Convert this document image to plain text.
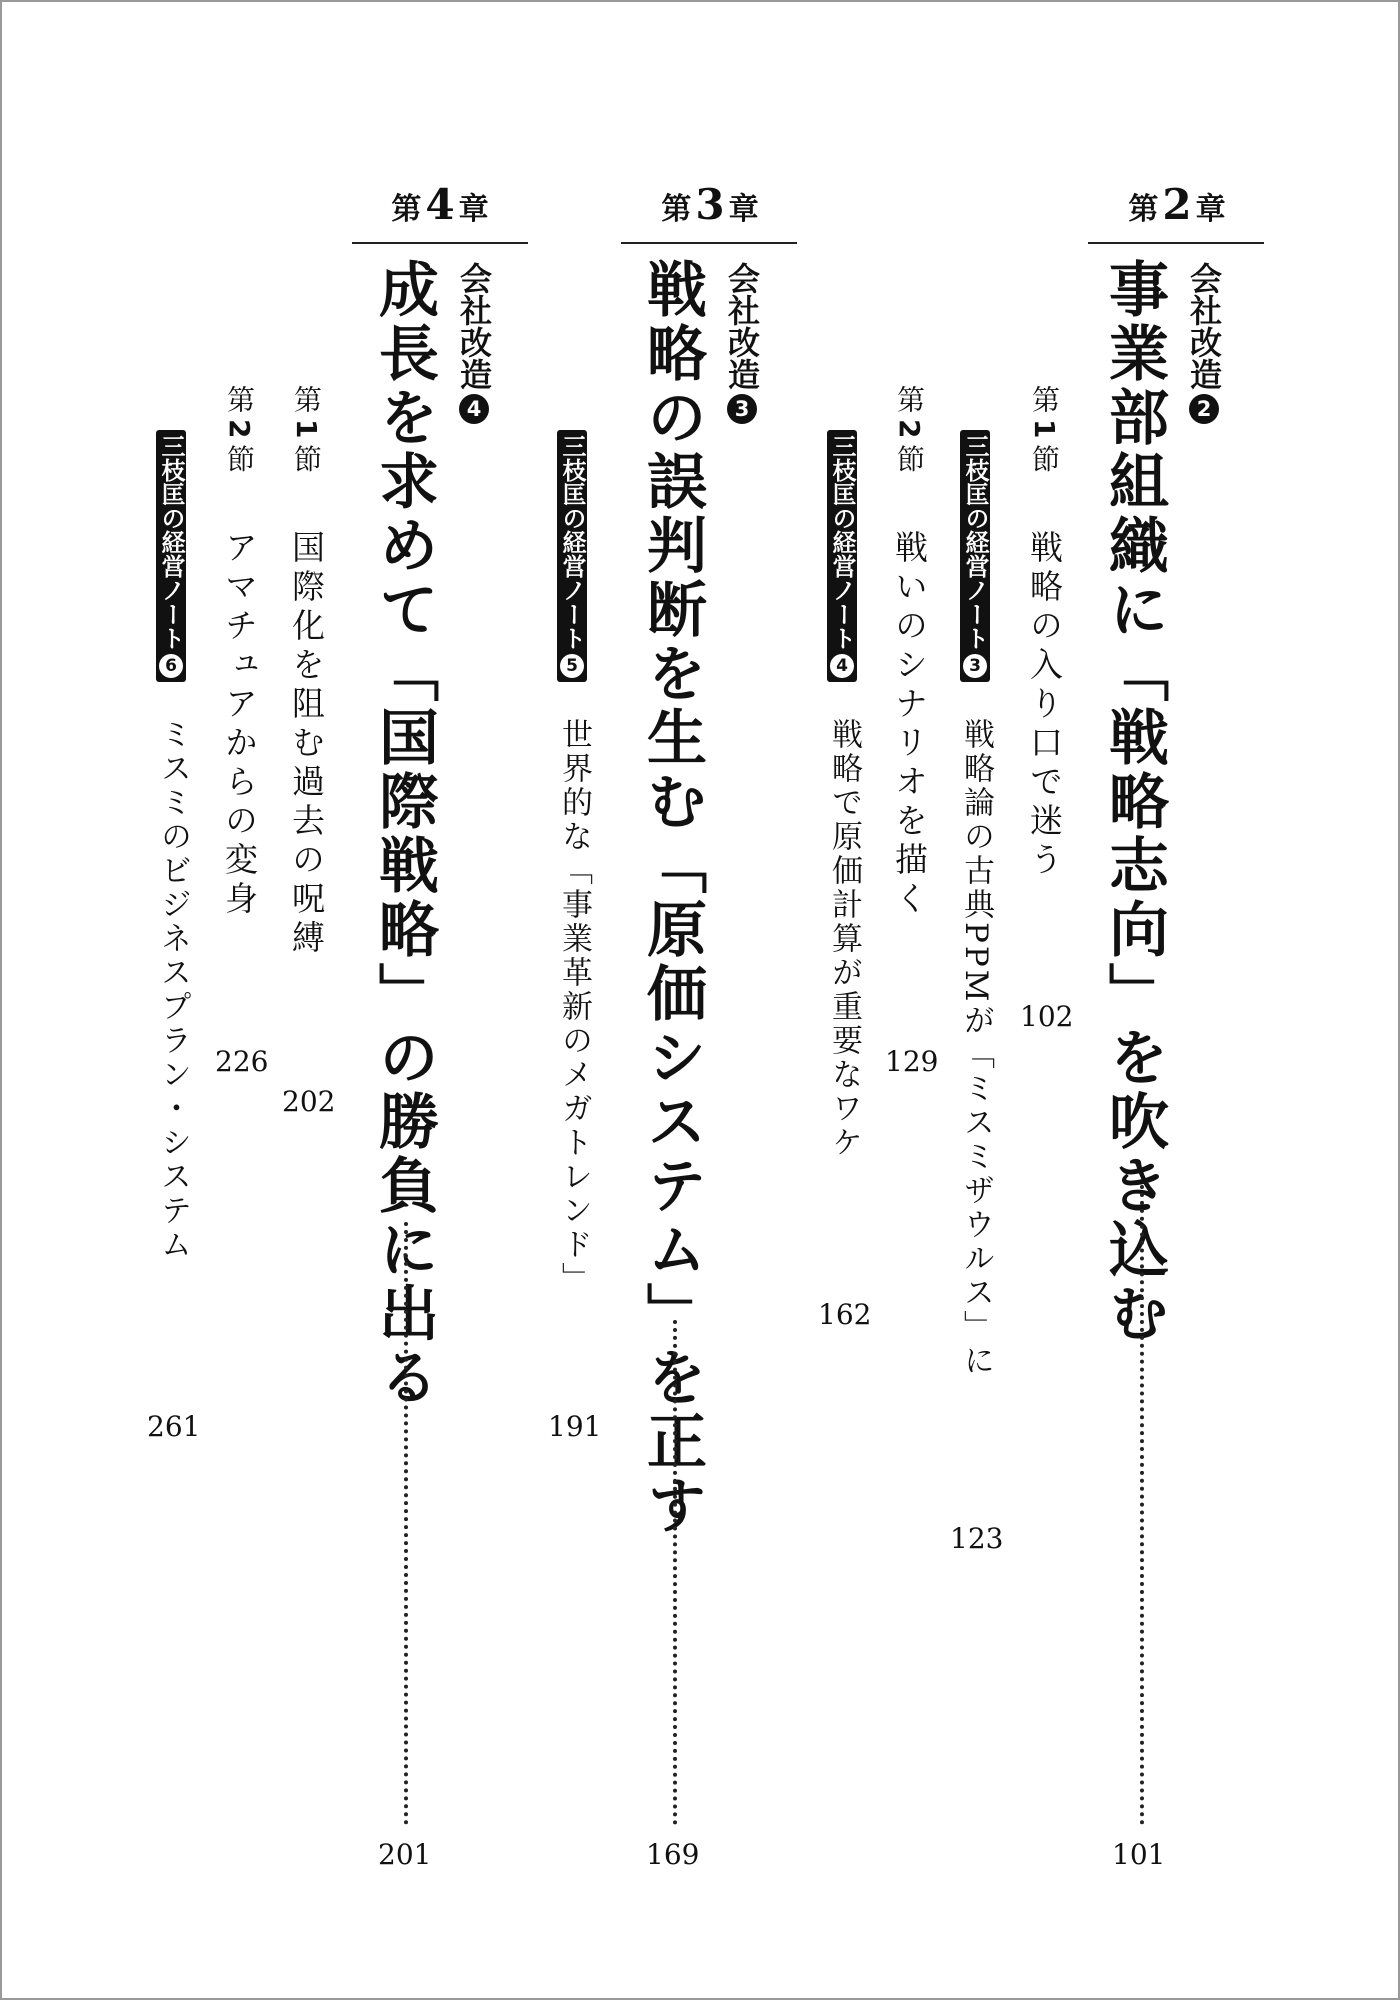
第2 章
会社改造2
事業部組織に「戦略志向」を吹き込む
101
第1節
戦略の入り口で迷う
102
三枝匡の経営ノート3
戦略論の古典PPMが「ミスミザウルス」に
123
第2節
戦いのシナリオを描く
129
三枝匡の経営ノート4
戦略で原価計算が重要なワケ
162
第3 章
会社改造3
戦略の誤判断を生む「原価システム」を正す
169
三枝匡の経営ノート5
世界的な「事業革新のメガトレンド」
191
第4 章
会社改造4
成長を求めて「国際戦略」の勝負に出る
201
第1節
国際化を阻む過去の呪縛
202
第2節
アマチュアからの変身
226
三枝匡の経営ノート6
ミスミのビジネスプラン・システム
261
